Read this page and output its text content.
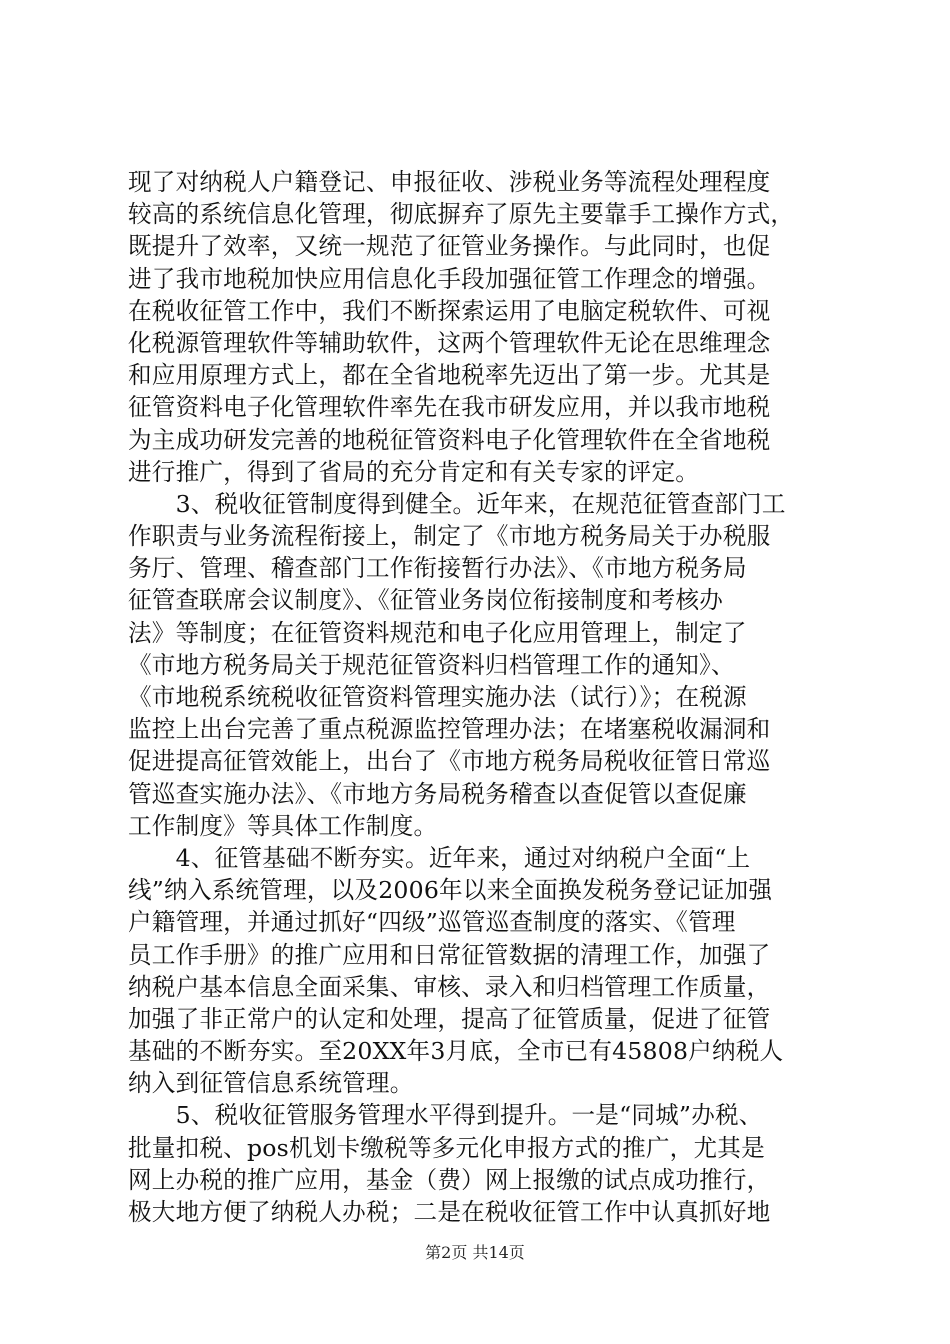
现了对纳税人户籍登记、申报征收、涉税业务等流程处理程度
较高的系统信息化管理，彻底摒弃了原先主要靠手工操作方式，
既提升了效率，又统一规范了征管业务操作。与此同时，也促
进了我市地税加快应用信息化手段加强征管工作理念的增强。
在税收征管工作中，我们不断探索运用了电脑定税软件、可视
化税源管理软件等辅助软件，这两个管理软件无论在思维理念
和应用原理方式上，都在全省地税率先迈出了第一步。尤其是
征管资料电子化管理软件率先在我市研发应用，并以我市地税
为主成功研发完善的地税征管资料电子化管理软件在全省地税
进行推广，得到了省局的充分肯定和有关专家的评定。
　　3、税收征管制度得到健全。近年来，在规范征管查部门工
作职责与业务流程衔接上，制定了《市地方税务局关于办税服
务厅、管理、稽查部门工作衔接暂行办法》、《市地方税务局
征管查联席会议制度》、《征管业务岗位衔接制度和考核办
法》等制度；在征管资料规范和电子化应用管理上，制定了
《市地方税务局关于规范征管资料归档管理工作的通知》、
《市地税系统税收征管资料管理实施办法（试行）》；在税源
监控上出台完善了重点税源监控管理办法；在堵塞税收漏洞和
促进提高征管效能上，出台了《市地方税务局税收征管日常巡
管巡查实施办法》、《市地方务局税务稽查以查促管以查促廉
工作制度》等具体工作制度。
　　4、征管基础不断夯实。近年来，通过对纳税户全面“上
线”纳入系统管理，以及2006年以来全面换发税务登记证加强
户籍管理，并通过抓好“四级”巡管巡查制度的落实、《管理
员工作手册》的推广应用和日常征管数据的清理工作，加强了
纳税户基本信息全面采集、审核、录入和归档管理工作质量，
加强了非正常户的认定和处理，提高了征管质量，促进了征管
基础的不断夯实。至20XX年3月底，全市已有45808户纳税人
纳入到征管信息系统管理。
　　5、税收征管服务管理水平得到提升。一是“同城”办税、
批量扣税、pos机划卡缴税等多元化申报方式的推广，尤其是
网上办税的推广应用，基金（费）网上报缴的试点成功推行，
极大地方便了纳税人办税；二是在税收征管工作中认真抓好地
第2页 共14页
